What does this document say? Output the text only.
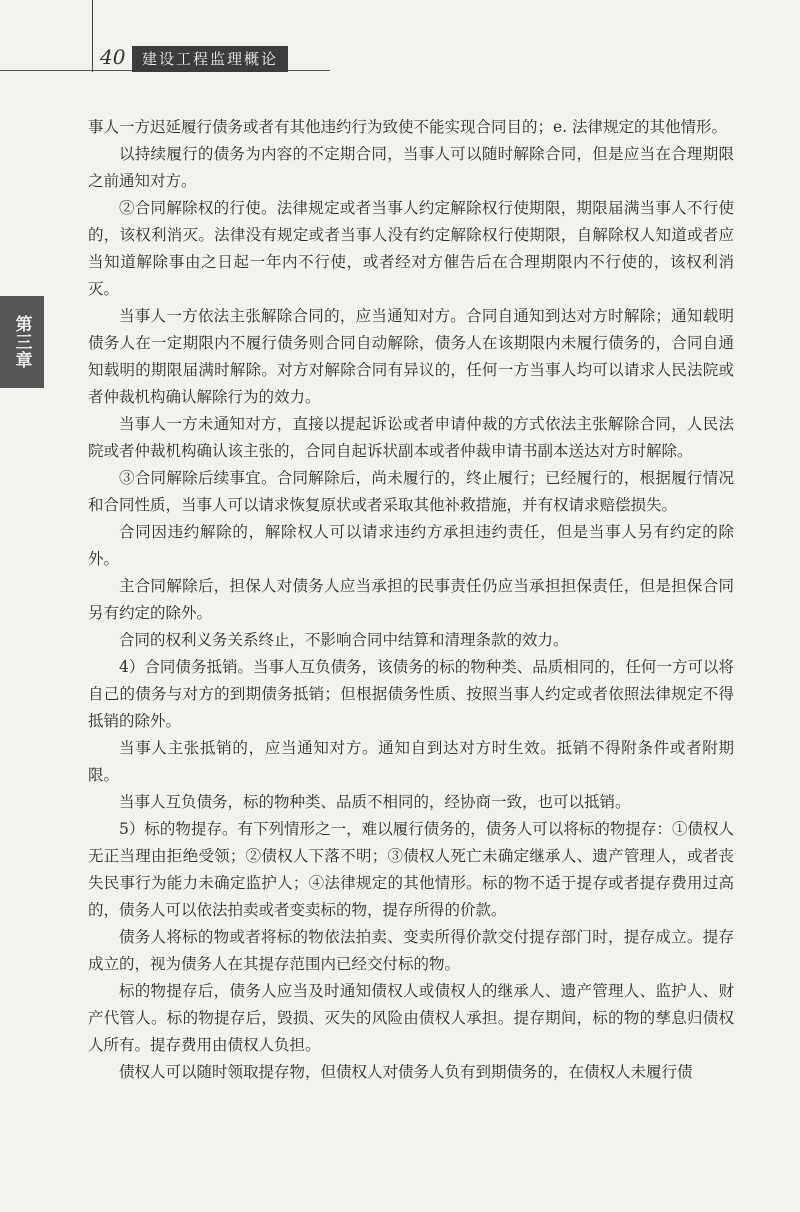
40	建设工程监理概论
第三章

事人一方迟延履行债务或者有其他违约行为致使不能实现合同目的；e. 法律规定的其他情形。

以持续履行的债务为内容的不定期合同，当事人可以随时解除合同，但是应当在合理期限之前通知对方。

②合同解除权的行使。法律规定或者当事人约定解除权行使期限，期限届满当事人不行使的，该权利消灭。法律没有规定或者当事人没有约定解除权行使期限，自解除权人知道或者应当知道解除事由之日起一年内不行使，或者经对方催告后在合理期限内不行使的，该权利消灭。

当事人一方依法主张解除合同的，应当通知对方。合同自通知到达对方时解除；通知载明债务人在一定期限内不履行债务则合同自动解除，债务人在该期限内未履行债务的，合同自通知载明的期限届满时解除。对方对解除合同有异议的，任何一方当事人均可以请求人民法院或者仲裁机构确认解除行为的效力。

当事人一方未通知对方，直接以提起诉讼或者申请仲裁的方式依法主张解除合同，人民法院或者仲裁机构确认该主张的，合同自起诉状副本或者仲裁申请书副本送达对方时解除。

③合同解除后续事宜。合同解除后，尚未履行的，终止履行；已经履行的，根据履行情况和合同性质，当事人可以请求恢复原状或者采取其他补救措施，并有权请求赔偿损失。

合同因违约解除的，解除权人可以请求违约方承担违约责任，但是当事人另有约定的除外。

主合同解除后，担保人对债务人应当承担的民事责任仍应当承担担保责任，但是担保合同另有约定的除外。

合同的权利义务关系终止，不影响合同中结算和清理条款的效力。

4）合同债务抵销。当事人互负债务，该债务的标的物种类、品质相同的，任何一方可以将自己的债务与对方的到期债务抵销；但根据债务性质、按照当事人约定或者依照法律规定不得抵销的除外。

当事人主张抵销的，应当通知对方。通知自到达对方时生效。抵销不得附条件或者附期限。

当事人互负债务，标的物种类、品质不相同的，经协商一致，也可以抵销。

5）标的物提存。有下列情形之一，难以履行债务的，债务人可以将标的物提存：①债权人无正当理由拒绝受领；②债权人下落不明；③债权人死亡未确定继承人、遗产管理人，或者丧失民事行为能力未确定监护人；④法律规定的其他情形。标的物不适于提存或者提存费用过高的，债务人可以依法拍卖或者变卖标的物，提存所得的价款。

债务人将标的物或者将标的物依法拍卖、变卖所得价款交付提存部门时，提存成立。提存成立的，视为债务人在其提存范围内已经交付标的物。

标的物提存后，债务人应当及时通知债权人或债权人的继承人、遗产管理人、监护人、财产代管人。标的物提存后，毁损、灭失的风险由债权人承担。提存期间，标的物的孳息归债权人所有。提存费用由债权人负担。

债权人可以随时领取提存物，但债权人对债务人负有到期债务的，在债权人未履行债
